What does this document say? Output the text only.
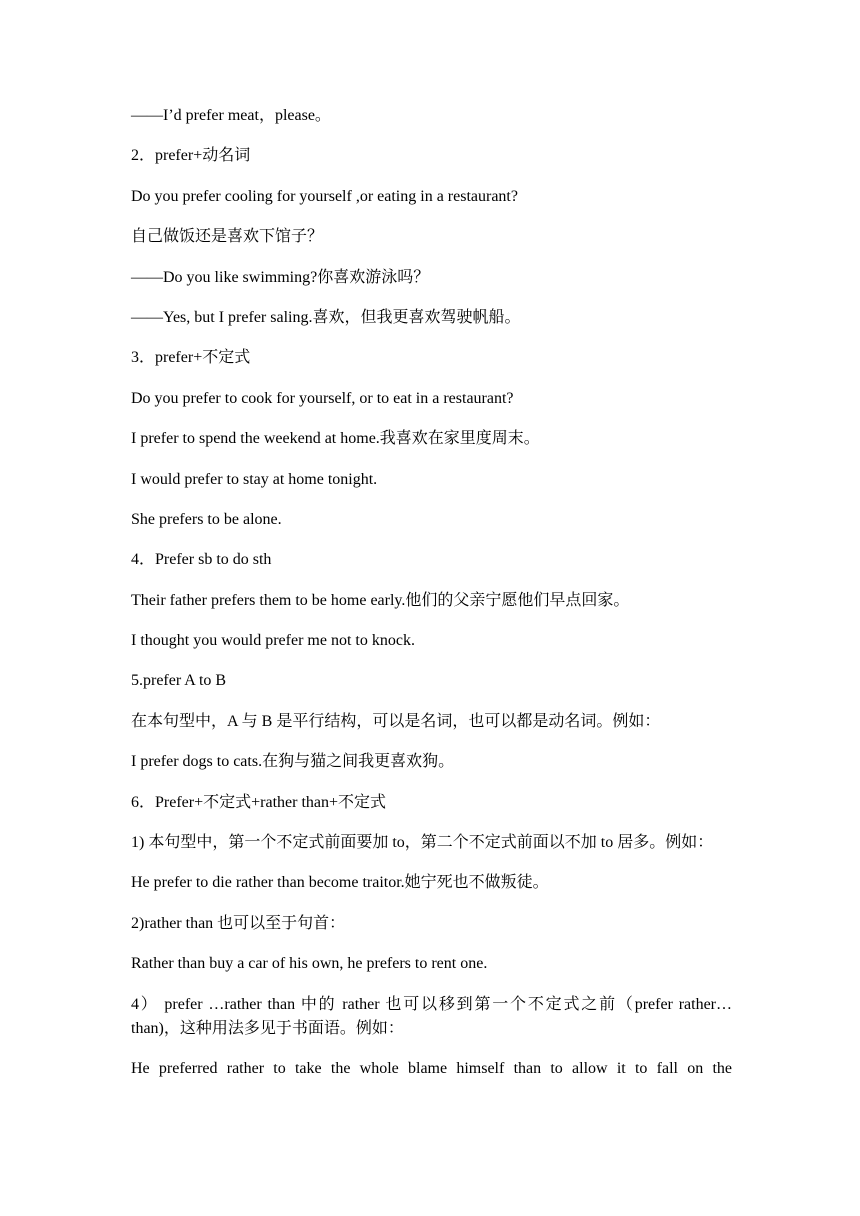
——I’d prefer meat，please。

2．prefer+动名词

Do you prefer cooling for yourself ,or eating in a restaurant?

自己做饭还是喜欢下馆子？

——Do you like swimming?你喜欢游泳吗？

——Yes, but I prefer saling.喜欢，但我更喜欢驾驶帆船。

3．prefer+不定式

Do you prefer to cook for yourself, or to eat in a restaurant?

I prefer to spend the weekend at home.我喜欢在家里度周末。

I would prefer to stay at home tonight.

She prefers to be alone.

4．Prefer sb to do sth

Their father prefers them to be home early.他们的父亲宁愿他们早点回家。

I thought you would prefer me not to knock.

5.prefer A to B

在本句型中，A 与 B 是平行结构，可以是名词，也可以都是动名词。例如：

I prefer dogs to cats.在狗与猫之间我更喜欢狗。

6．Prefer+不定式+rather than+不定式

1) 本句型中，第一个不定式前面要加 to，第二个不定式前面以不加 to 居多。例如：

He prefer to die rather than become traitor.她宁死也不做叛徒。

2)rather than 也可以至于句首：

Rather than buy a car of his own, he prefers to rent one.

4） prefer …rather than 中的 rather 也可以移到第一个不定式之前（prefer rather…than)，这种用法多见于书面语。例如：

He preferred rather to take the whole blame himself than to allow it to fall on the
